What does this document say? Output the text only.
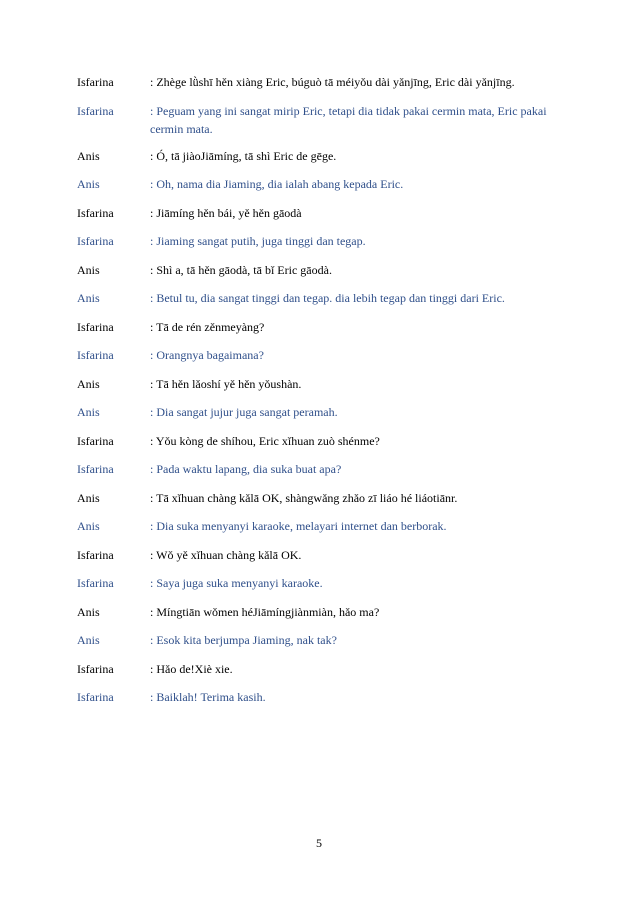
Isfarina	: Zhège lǜshī hěn xiàng Eric, búguò tā méiyǒu dài yǎnjīng, Eric dài yǎnjīng.
Isfarina	: Peguam yang ini sangat mirip Eric, tetapi dia tidak pakai cermin mata, Eric pakai cermin mata.
Anis	: Ó, tā jiàoJiāmíng, tā shì Eric de gēge.
Anis	: Oh, nama dia Jiaming, dia ialah abang kepada Eric.
Isfarina	: Jiāmíng hěn bái, yě hěn gāodà
Isfarina	: Jiaming sangat putih, juga tinggi dan tegap.
Anis	: Shì a, tā hěn gāodà, tā bǐ Eric gāodà.
Anis	: Betul tu, dia sangat tinggi dan tegap. dia lebih tegap dan tinggi dari Eric.
Isfarina	: Tā de rén zěnmeyàng?
Isfarina	: Orangnya bagaimana?
Anis	: Tā hěn lǎoshí yě hěn yǒushàn.
Anis	: Dia sangat jujur juga sangat peramah.
Isfarina	: Yǒu kòng de shíhou, Eric xǐhuan zuò shénme?
Isfarina	: Pada waktu lapang, dia suka buat apa?
Anis	: Tā xǐhuan chàng kǎlā OK, shàngwǎng zhǎo zī liáo hé liáotiānr.
Anis	: Dia suka menyanyi karaoke, melayari internet dan berborak.
Isfarina	: Wǒ yě xǐhuan chàng kǎlā OK.
Isfarina	: Saya juga suka menyanyi karaoke.
Anis	: Míngtiān wǒmen héJiāmíngjiànmiàn, hǎo ma?
Anis	: Esok kita berjumpa Jiaming, nak tak?
Isfarina	: Hǎo de!Xiè xie.
Isfarina	: Baiklah! Terima kasih.
5
